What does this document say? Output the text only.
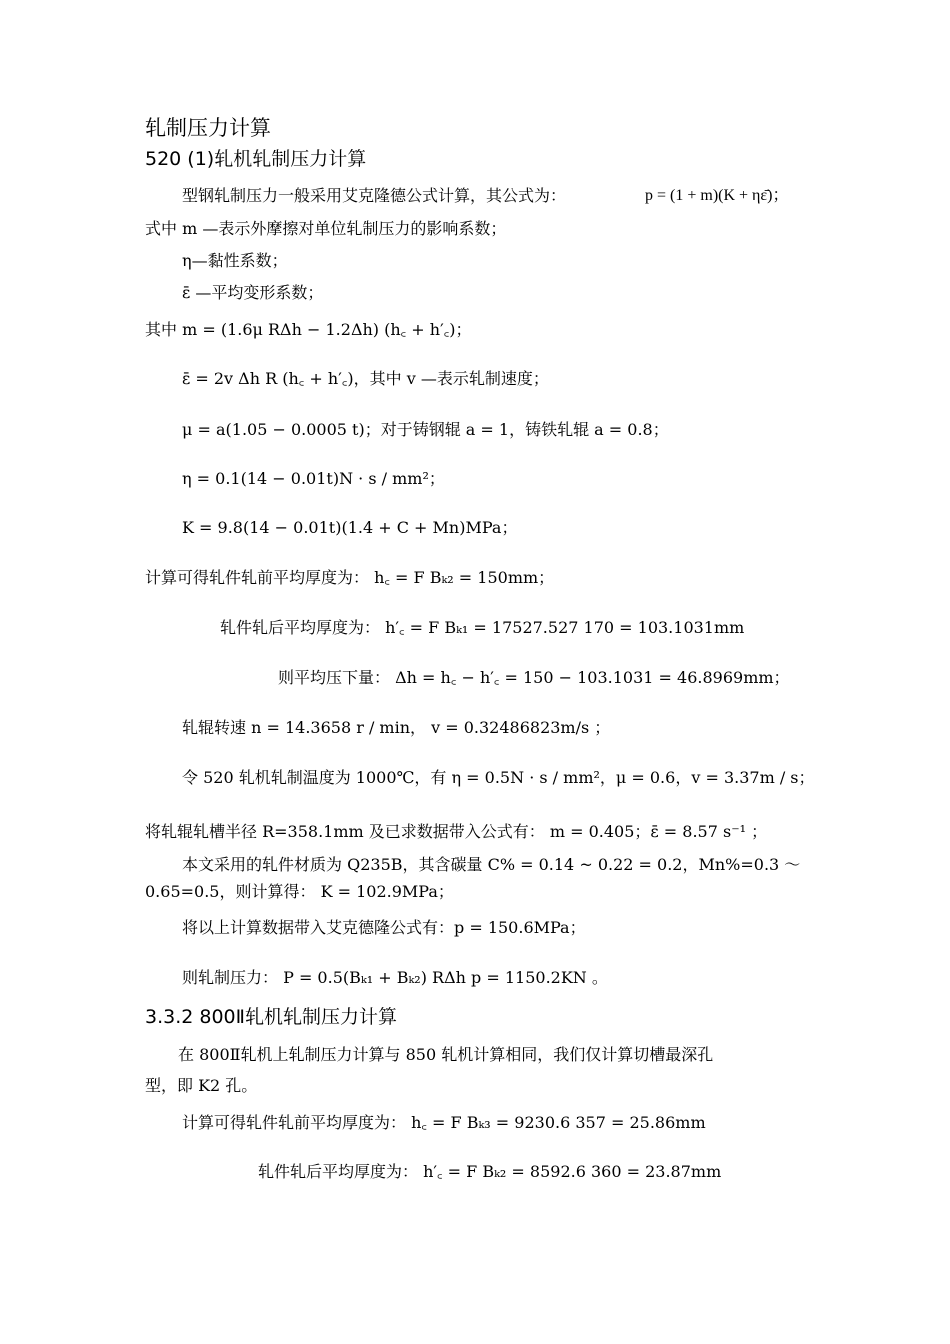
轧制压力计算
520 (1)轧机轧制压力计算
型钢轧制压力一般采用艾克隆德公式计算，其公式为：	p = (1 + m)(K + ηε̄)；
式中 m —表示外摩擦对单位轧制压力的影响系数；
η—黏性系数；
ε̄ —平均变形系数；
其中 m = (1.6μ RΔh − 1.2Δh) (h꜀ + h′꜀)；
ε̄ = 2v Δh R (h꜀ + h′꜀)，其中 v —表示轧制速度；
μ = a(1.05 − 0.0005 t)；对于铸钢辊 a = 1，铸铁轧辊 a = 0.8；
η = 0.1(14 − 0.01t)N · s / mm²；
K = 9.8(14 − 0.01t)(1.4 + C + Mn)MPa；
计算可得轧件轧前平均厚度为： h꜀ = F Bₖ₂ = 150mm；
轧件轧后平均厚度为： h′꜀ = F Bₖ₁ = 17527.527 170 = 103.1031mm
则平均压下量： Δh = h꜀ − h′꜀ = 150 − 103.1031 = 46.8969mm；
轧辊转速 n = 14.3658 r / min， v = 0.32486823m/s ；
令 520 轧机轧制温度为 1000℃，有 η = 0.5N · s / mm²，μ = 0.6，v = 3.37m / s；
将轧辊轧槽半径 R=358.1mm 及已求数据带入公式有： m = 0.405；ε̄ = 8.57 s⁻¹ ；
本文采用的轧件材质为 Q235B，其含碳量 C% = 0.14 ~ 0.22 = 0.2，Mn%=0.3 ～
0.65=0.5，则计算得： K = 102.9MPa；
将以上计算数据带入艾克德隆公式有：p = 150.6MPa；
则轧制压力： P = 0.5(Bₖ₁ + Bₖ₂) RΔh p = 1150.2KN 。
3.3.2 800Ⅱ轧机轧制压力计算
在 800Ⅱ轧机上轧制压力计算与 850 轧机计算相同，我们仅计算切槽最深孔
型，即 K2 孔。
计算可得轧件轧前平均厚度为： h꜀ = F Bₖ₃ = 9230.6 357 = 25.86mm
轧件轧后平均厚度为： h′꜀ = F Bₖ₂ = 8592.6 360 = 23.87mm
